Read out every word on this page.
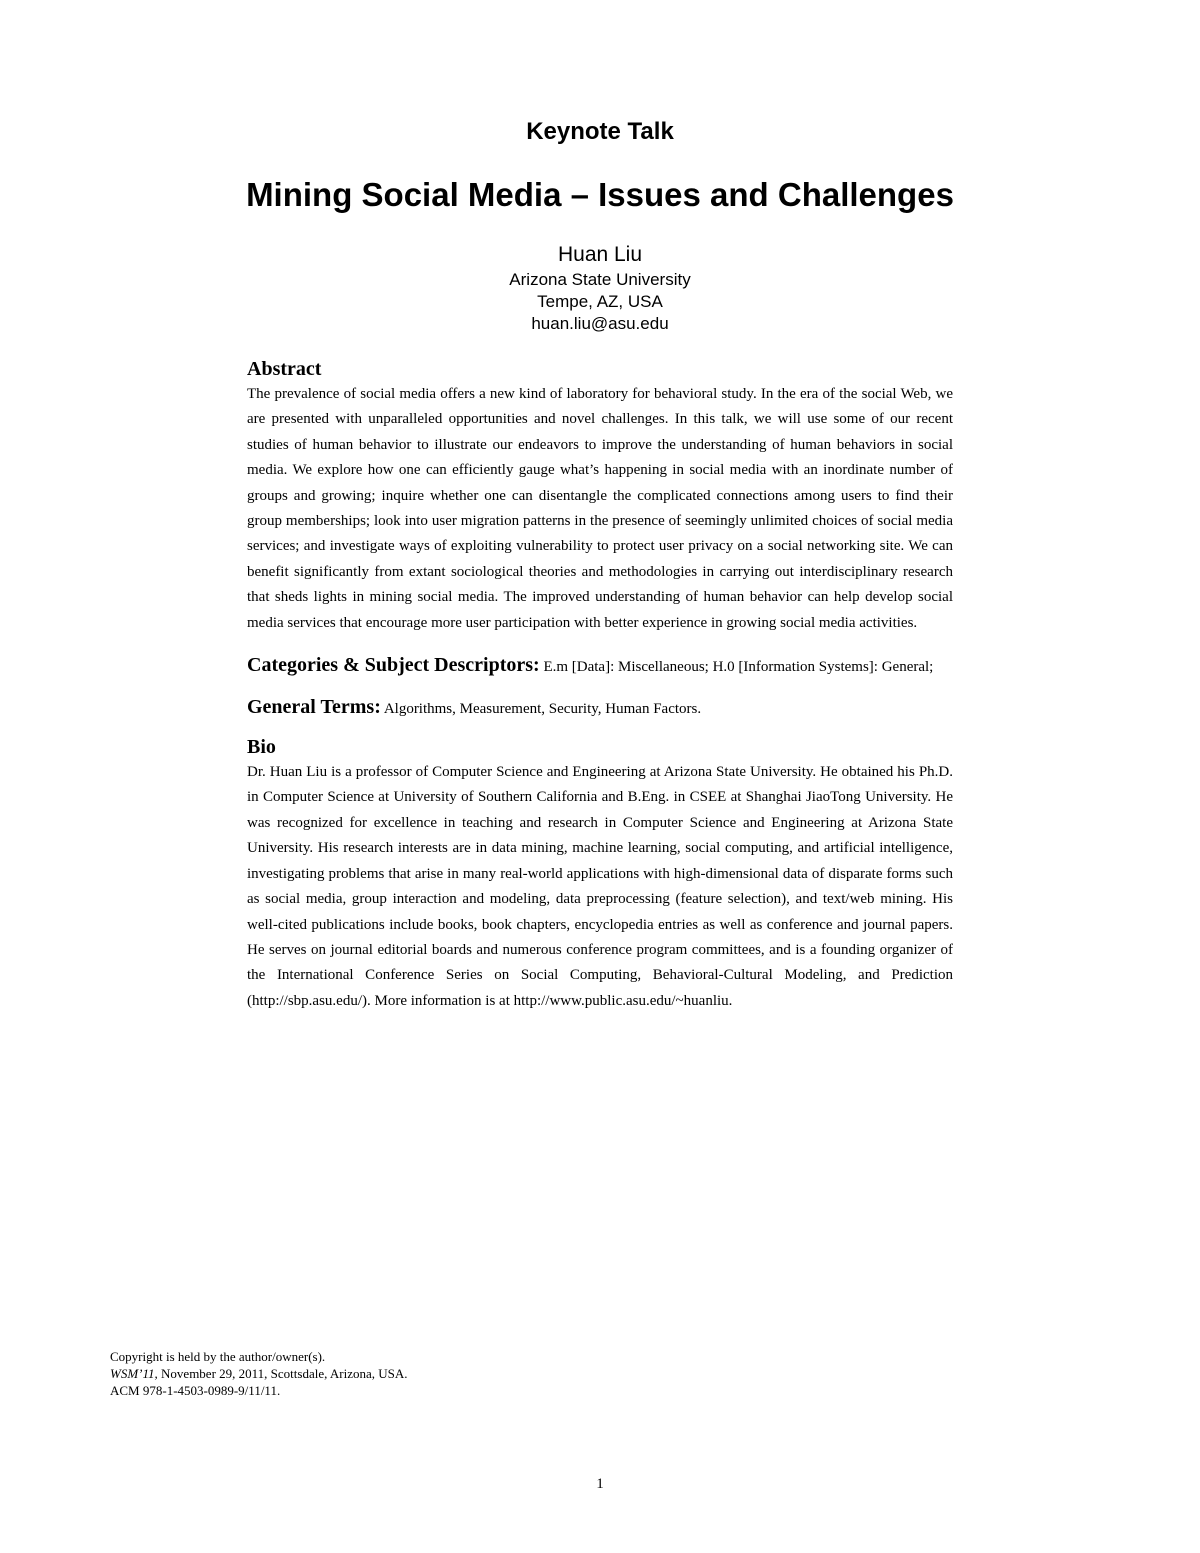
Keynote Talk
Mining Social Media – Issues and Challenges
Huan Liu
Arizona State University
Tempe, AZ, USA
huan.liu@asu.edu
Abstract

The prevalence of social media offers a new kind of laboratory for behavioral study. In the era of the social Web, we are presented with unparalleled opportunities and novel challenges. In this talk, we will use some of our recent studies of human behavior to illustrate our endeavors to improve the understanding of human behaviors in social media. We explore how one can efficiently gauge what’s happening in social media with an inordinate number of groups and growing; inquire whether one can disentangle the complicated connections among users to find their group memberships; look into user migration patterns in the presence of seemingly unlimited choices of social media services; and investigate ways of exploiting vulnerability to protect user privacy on a social networking site. We can benefit significantly from extant sociological theories and methodologies in carrying out interdisciplinary research that sheds lights in mining social media. The improved understanding of human behavior can help develop social media services that encourage more user participation with better experience in growing social media activities.

Categories & Subject Descriptors: E.m [Data]: Miscellaneous; H.0 [Information Systems]: General;

General Terms: Algorithms, Measurement, Security, Human Factors.

Bio

Dr. Huan Liu is a professor of Computer Science and Engineering at Arizona State University. He obtained his Ph.D. in Computer Science at University of Southern California and B.Eng. in CSEE at Shanghai JiaoTong University. He was recognized for excellence in teaching and research in Computer Science and Engineering at Arizona State University. His research interests are in data mining, machine learning, social computing, and artificial intelligence, investigating problems that arise in many real-world applications with high-dimensional data of disparate forms such as social media, group interaction and modeling, data preprocessing (feature selection), and text/web mining. His well-cited publications include books, book chapters, encyclopedia entries as well as conference and journal papers. He serves on journal editorial boards and numerous conference program committees, and is a founding organizer of the International Conference Series on Social Computing, Behavioral-Cultural Modeling, and Prediction (http://sbp.asu.edu/). More information is at http://www.public.asu.edu/~huanliu.

Copyright is held by the author/owner(s).
WSM’11, November 29, 2011, Scottsdale, Arizona, USA.
ACM 978-1-4503-0989-9/11/11.
1
